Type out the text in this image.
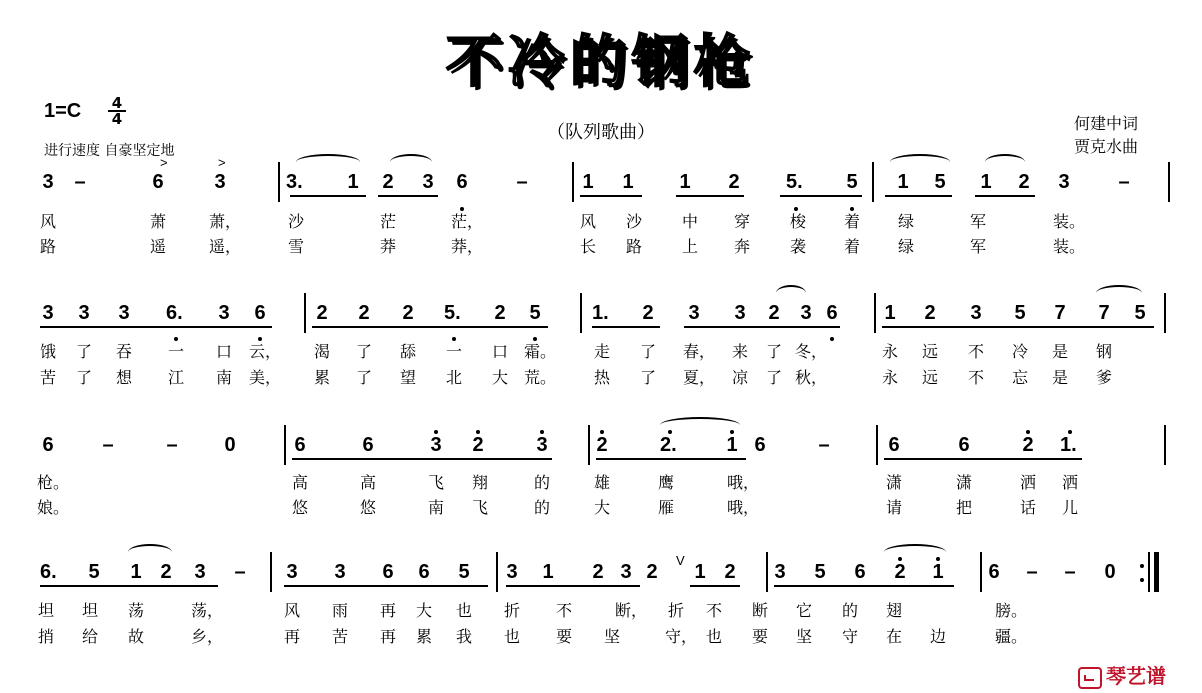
不冷的钢枪
（队列歌曲）
$1=C \frac{4}{4}$
进行速度 自豪坚定地
何建中词
贾克水曲
3 –	6	3	3.	1 2 3 6 –	1 1 1 2 5.	5 1 5 1 2 3 –
风	萧	萧，	沙	茫	茫，	风 沙 中 穿 梭 着 绿	军	装。
路	遥	遥，	雪	莽	莽，	长 路 上 奔 袭 着 绿	军	装。
3 3 3 6.	3 6	2 2 2 5.	2 5	1.	2 3 3 2 3 6 1 2 3 5 7 7 5
饿 了 吞 一 口 云， 渴 了 舔 一 口 霜。 走 了 春， 来 了 冬，	永 远 不 冷 是 钢
苦 了 想 江 南 美， 累 了 望 北 大 荒。 热 了 夏， 凉 了 秋，	永 远 不 忘 是 爹
6 –	– 0	6	6	3 2	3 2	2.	1 6	–	6	6	2 1.
枪。	高	高	飞 翔	的	雄	鹰	哦，	潇	潇	洒 洒
娘。	悠	悠	南 飞	的	大	雁	哦，	请	把	话 儿
6.	5 1 2 3 – 3 3 6 6 5 3 1 2 3 2 1 2 3 5 6 2 1 6 – – 0
坦 坦 荡	荡，	风 雨 再 大 也 折 不	断， 折 不 断 它 的 翅	膀。
捎 给 故	乡，	再 苦 再 累 我 也 要 坚	守， 也 要 坚 守 在 边	疆。
>	>
V
琴艺谱
